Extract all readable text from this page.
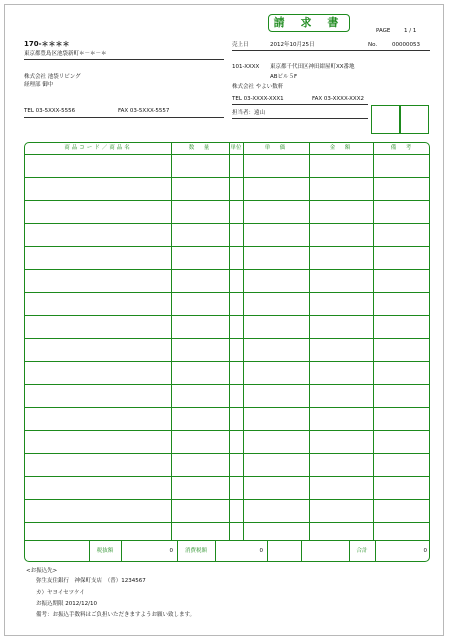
請 求 書
PAGE 1 / 1
170-＊＊＊＊
東京都豊島区池袋新町＊－＊－＊
株式会社 池袋リビング
経理部 御中
TEL 03-5XXX-5556	FAX 03-5XXX-5557
売上日	2012年10月25日	No.	00000053
101-XXXX 東京都千代田区神田紺屋町XX番地
ABビル５F
株式会社 やよい数軒
TEL 03-XXXX-XXX1	FAX 03-XXXX-XXX2
担当者：遠山
商品コード／商品名	数　量	単位	単　価	金　額	備　考
税抜額	0	消費税額	0	合計	0
<お振込先>
弥生友住銀行　神保町支店　（普）1234567
カ）ヤヨイセツケイ
お振込期限 2012/12/10
備考：お振込手数料はご負担いただきますようお願い致します。
